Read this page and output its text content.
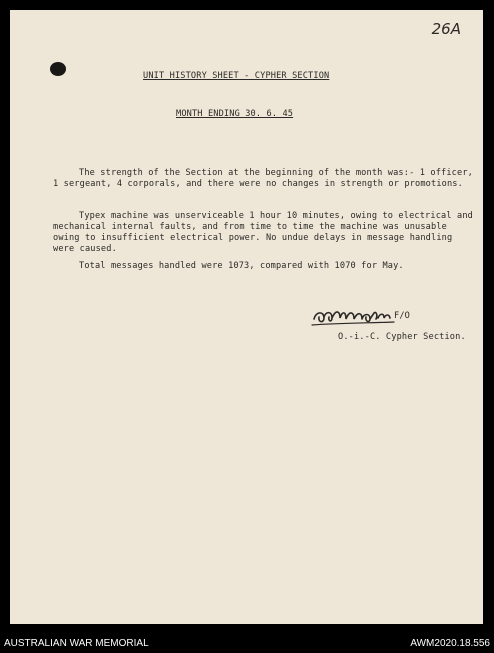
26A
UNIT HISTORY SHEET - CYPHER SECTION
MONTH ENDING 30. 6. 45

The strength of the Section at the beginning of the month was:- 1 officer, 1 sergeant, 4 corporals, and there were no changes in strength or promotions.

Typex machine was unserviceable 1 hour 10 minutes, owing to electrical and mechanical internal faults, and from time to time the machine was unusable owing to insufficient electrical power. No undue delays in message handling were caused.

Total messages handled were 1073, compared with 1070 for May.

F/O
O.-i.-C. Cypher Section.
AUSTRALIAN WAR MEMORIAL	AWM2020.18.556
